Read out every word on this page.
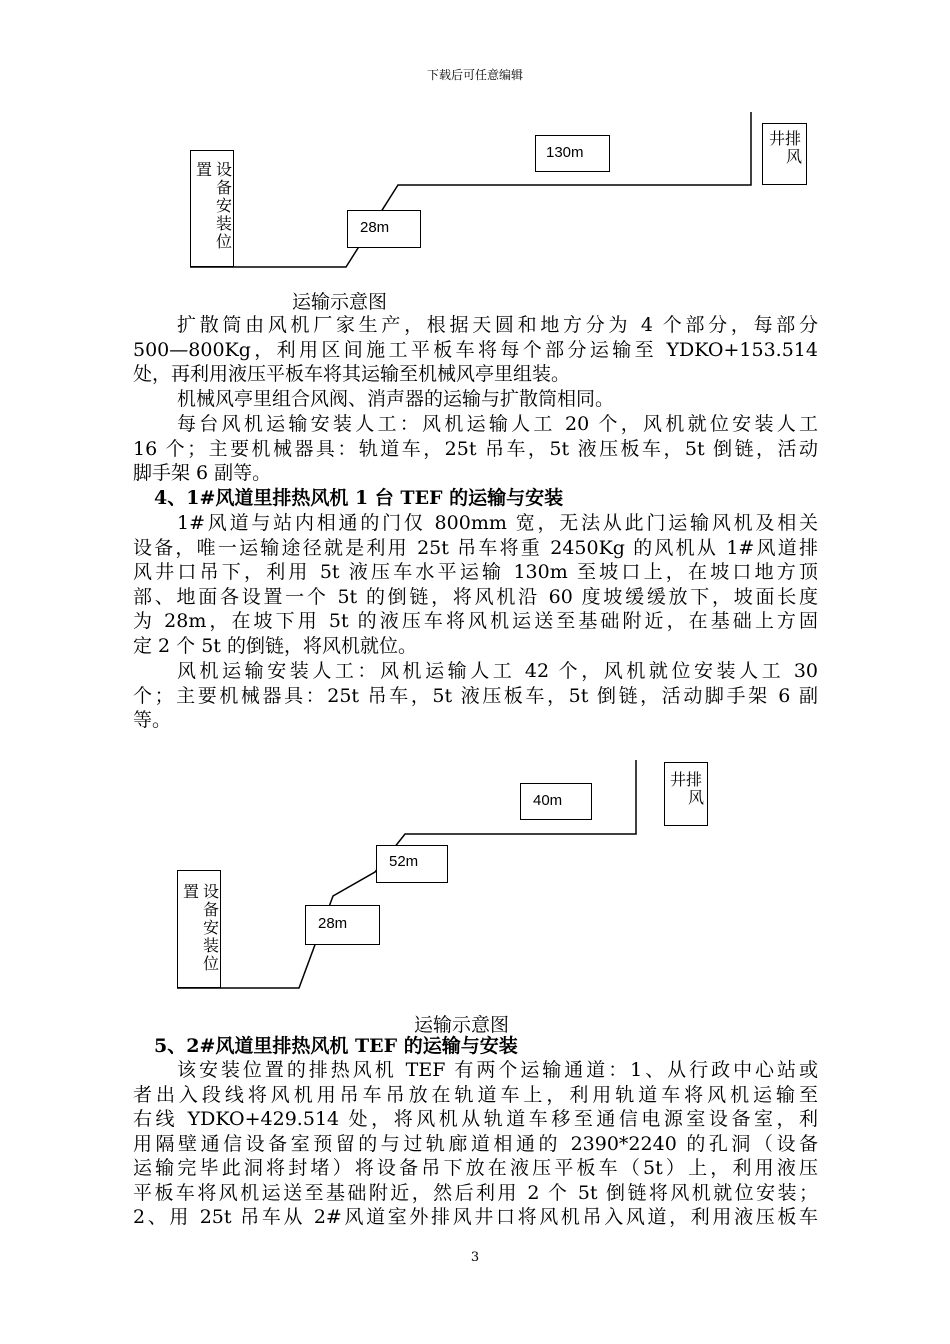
下载后可任意编辑
设
备
安
装
位
置
28m
130m
井排
风
运输示意图
扩散筒由风机厂家生产，根据天圆和地方分为 4 个部分，每部分
500—800Kg，利用区间施工平板车将每个部分运输至 YDKO+153.514
处，再利用液压平板车将其运输至机械风亭里组装。
机械风亭里组合风阀、消声器的运输与扩散筒相同。
每台风机运输安装人工：风机运输人工 20 个，风机就位安装人工
16 个；主要机械器具：轨道车，25t 吊车，5t 液压板车，5t 倒链，活动
脚手架 6 副等。
4、1#风道里排热风机 1 台 TEF 的运输与安装
1#风道与站内相通的门仅 800mm 宽，无法从此门运输风机及相关
设备，唯一运输途径就是利用 25t 吊车将重 2450Kg 的风机从 1#风道排
风井口吊下，利用 5t 液压车水平运输 130m 至坡口上，在坡口地方顶
部、地面各设置一个 5t 的倒链，将风机沿 60 度坡缓缓放下，坡面长度
为 28m，在坡下用 5t 的液压车将风机运送至基础附近，在基础上方固
定 2 个 5t 的倒链，将风机就位。
风机运输安装人工：风机运输人工 42 个，风机就位安装人工 30
个；主要机械器具：25t 吊车，5t 液压板车，5t 倒链，活动脚手架 6 副
等。
设
备
安
装
位
置
28m
52m
40m
井排
风
运输示意图
5、2#风道里排热风机 TEF 的运输与安装
该安装位置的排热风机 TEF 有两个运输通道：1、从行政中心站或
者出入段线将风机用吊车吊放在轨道车上，利用轨道车将风机运输至
右线 YDKO+429.514 处，将风机从轨道车移至通信电源室设备室，利
用隔壁通信设备室预留的与过轨廊道相通的 2390*2240 的孔洞（设备
运输完毕此洞将封堵）将设备吊下放在液压平板车（5t）上，利用液压
平板车将风机运送至基础附近，然后利用 2 个 5t 倒链将风机就位安装；
2、用 25t 吊车从 2#风道室外排风井口将风机吊入风道，利用液压板车
3
